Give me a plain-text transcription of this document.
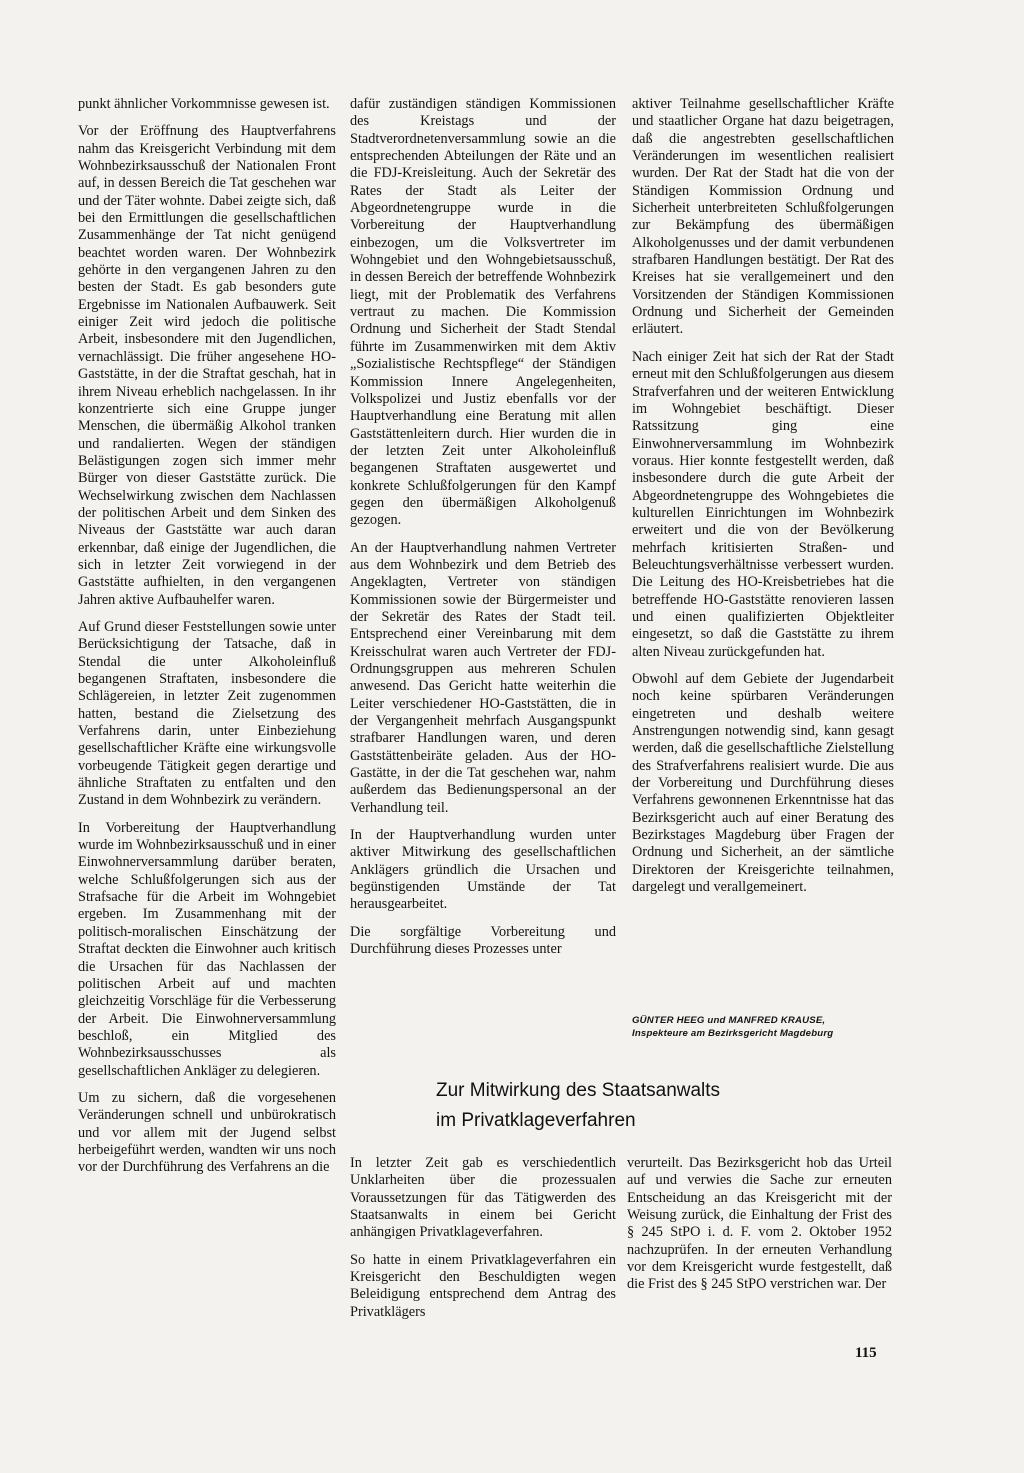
punkt ähnlicher Vorkommnisse gewesen ist.

Vor der Eröffnung des Hauptverfahrens nahm das Kreisgericht Verbindung mit dem Wohnbezirksausschuß der Nationalen Front auf, in dessen Bereich die Tat geschehen war und der Täter wohnte. Dabei zeigte sich, daß bei den Ermittlungen die gesellschaftlichen Zusammenhänge der Tat nicht genügend beachtet worden waren. Der Wohnbezirk gehörte in den vergangenen Jahren zu den besten der Stadt. Es gab besonders gute Ergebnisse im Nationalen Aufbauwerk. Seit einiger Zeit wird jedoch die politische Arbeit, insbesondere mit den Jugendlichen, vernachlässigt. Die früher angesehene HO-Gaststätte, in der die Straftat geschah, hat in ihrem Niveau erheblich nachgelassen. In ihr konzentrierte sich eine Gruppe junger Menschen, die übermäßig Alkohol tranken und randalierten. Wegen der ständigen Belästigungen zogen sich immer mehr Bürger von dieser Gaststätte zurück. Die Wechselwirkung zwischen dem Nachlassen der politischen Arbeit und dem Sinken des Niveaus der Gaststätte war auch daran erkennbar, daß einige der Jugendlichen, die sich in letzter Zeit vorwiegend in der Gaststätte aufhielten, in den vergangenen Jahren aktive Aufbauhelfer waren.

Auf Grund dieser Feststellungen sowie unter Berücksichtigung der Tatsache, daß in Stendal die unter Alkoholeinfluß begangenen Straftaten, insbesondere die Schlägereien, in letzter Zeit zugenommen hatten, bestand die Zielsetzung des Verfahrens darin, unter Einbeziehung gesellschaftlicher Kräfte eine wirkungsvolle vorbeugende Tätigkeit gegen derartige und ähnliche Straftaten zu entfalten und den Zustand in dem Wohnbezirk zu verändern.

In Vorbereitung der Hauptverhandlung wurde im Wohnbezirksausschuß und in einer Einwohnerversammlung darüber beraten, welche Schlußfolgerungen sich aus der Strafsache für die Arbeit im Wohngebiet ergeben. Im Zusammenhang mit der politisch-moralischen Einschätzung der Straftat deckten die Einwohner auch kritisch die Ursachen für das Nachlassen der politischen Arbeit auf und machten gleichzeitig Vorschläge für die Verbesserung der Arbeit. Die Einwohnerversammlung beschloß, ein Mitglied des Wohnbezirksausschusses als gesellschaftlichen Ankläger zu delegieren.

Um zu sichern, daß die vorgesehenen Veränderungen schnell und unbürokratisch und vor allem mit der Jugend selbst herbeigeführt werden, wandten wir uns noch vor der Durchführung des Verfahrens an die

dafür zuständigen ständigen Kommissionen des Kreistags und der Stadtverordnetenversammlung sowie an die entsprechenden Abteilungen der Räte und an die FDJ-Kreisleitung. Auch der Sekretär des Rates der Stadt als Leiter der Abgeordnetengruppe wurde in die Vorbereitung der Hauptverhandlung einbezogen, um die Volksvertreter im Wohngebiet und den Wohngebietsausschuß, in dessen Bereich der betreffende Wohnbezirk liegt, mit der Problematik des Verfahrens vertraut zu machen. Die Kommission Ordnung und Sicherheit der Stadt Stendal führte im Zusammenwirken mit dem Aktiv „Sozialistische Rechtspflege“ der Ständigen Kommission Innere Angelegenheiten, Volkspolizei und Justiz ebenfalls vor der Hauptverhandlung eine Beratung mit allen Gaststättenleitern durch. Hier wurden die in der letzten Zeit unter Alkoholeinfluß begangenen Straftaten ausgewertet und konkrete Schlußfolgerungen für den Kampf gegen den übermäßigen Alkoholgenuß gezogen.

An der Hauptverhandlung nahmen Vertreter aus dem Wohnbezirk und dem Betrieb des Angeklagten, Vertreter von ständigen Kommissionen sowie der Bürgermeister und der Sekretär des Rates der Stadt teil. Entsprechend einer Vereinbarung mit dem Kreisschulrat waren auch Vertreter der FDJ-Ordnungsgruppen aus mehreren Schulen anwesend. Das Gericht hatte weiterhin die Leiter verschiedener HO-Gaststätten, die in der Vergangenheit mehrfach Ausgangspunkt strafbarer Handlungen waren, und deren Gaststättenbeiräte geladen. Aus der HO-Gastätte, in der die Tat geschehen war, nahm außerdem das Bedienungspersonal an der Verhandlung teil.

In der Hauptverhandlung wurden unter aktiver Mitwirkung des gesellschaftlichen Anklägers gründlich die Ursachen und begünstigenden Umstände der Tat herausgearbeitet.

Die sorgfältige Vorbereitung und Durchführung dieses Prozesses unter

aktiver Teilnahme gesellschaftlicher Kräfte und staatlicher Organe hat dazu beigetragen, daß die angestrebten gesellschaftlichen Veränderungen im wesentlichen realisiert wurden. Der Rat der Stadt hat die von der Ständigen Kommission Ordnung und Sicherheit unterbreiteten Schlußfolgerungen zur Bekämpfung des übermäßigen Alkoholgenusses und der damit verbundenen strafbaren Handlungen bestätigt. Der Rat des Kreises hat sie verallgemeinert und den Vorsitzenden der Ständigen Kommissionen Ordnung und Sicherheit der Gemeinden erläutert.

Nach einiger Zeit hat sich der Rat der Stadt erneut mit den Schlußfolgerungen aus diesem Strafverfahren und der weiteren Entwicklung im Wohngebiet beschäftigt. Dieser Ratssitzung ging eine Einwohnerversammlung im Wohnbezirk voraus. Hier konnte festgestellt werden, daß insbesondere durch die gute Arbeit der Abgeordnetengruppe des Wohngebietes die kulturellen Einrichtungen im Wohnbezirk erweitert und die von der Bevölkerung mehrfach kritisierten Straßen- und Beleuchtungsverhältnisse verbessert wurden. Die Leitung des HO-Kreisbetriebes hat die betreffende HO-Gaststätte renovieren lassen und einen qualifizierten Objektleiter eingesetzt, so daß die Gaststätte zu ihrem alten Niveau zurückgefunden hat.

Obwohl auf dem Gebiete der Jugendarbeit noch keine spürbaren Veränderungen eingetreten und deshalb weitere Anstrengungen notwendig sind, kann gesagt werden, daß die gesellschaftliche Zielstellung des Strafverfahrens realisiert wurde. Die aus der Vorbereitung und Durchführung dieses Verfahrens gewonnenen Erkenntnisse hat das Bezirksgericht auch auf einer Beratung des Bezirkstages Magdeburg über Fragen der Ordnung und Sicherheit, an der sämtliche Direktoren der Kreisgerichte teilnahmen, dargelegt und verallgemeinert.

GÜNTER HEEG und MANFRED KRAUSE,
Inspekteure am Bezirksgericht Magdeburg
Zur Mitwirkung des Staatsanwalts
im Privatklageverfahren

In letzter Zeit gab es verschiedentlich Unklarheiten über die prozessualen Voraussetzungen für das Tätigwerden des Staatsanwalts in einem bei Gericht anhängigen Privatklageverfahren.

So hatte in einem Privatklageverfahren ein Kreisgericht den Beschuldigten wegen Beleidigung entsprechend dem Antrag des Privatklägers

verurteilt. Das Bezirksgericht hob das Urteil auf und verwies die Sache zur erneuten Entscheidung an das Kreisgericht mit der Weisung zurück, die Einhaltung der Frist des § 245 StPO i. d. F. vom 2. Oktober 1952 nachzuprüfen. In der erneuten Verhandlung vor dem Kreisgericht wurde festgestellt, daß die Frist des § 245 StPO verstrichen war. Der

115
